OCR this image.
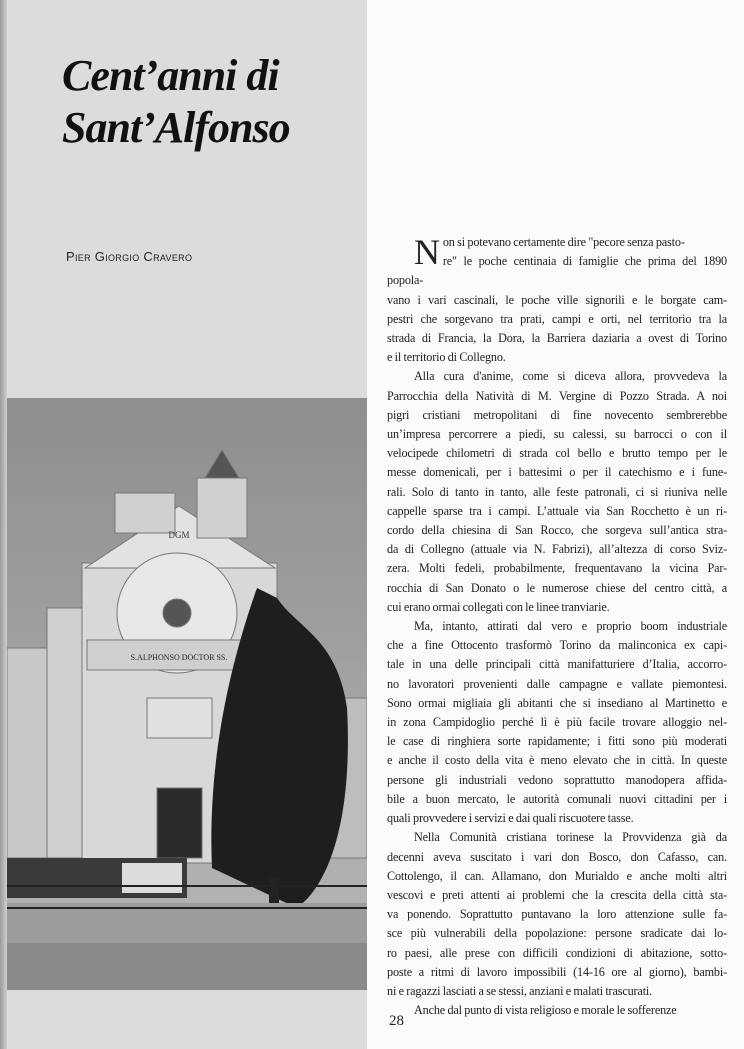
Cent’anni di
Sant’Alfonso
Pier Giorgio Cravero
DGM
S.ALPHONSO DOCTOR SS.
Non si potevano certamente dire "pecore senza pasto-
re" le poche centinaia di famiglie che prima del 1890 popola-
vano i vari cascinali, le poche ville signorili e le borgate cam-
pestri che sorgevano tra prati, campi e orti, nel territorio tra la
strada di Francia, la Dora, la Barriera daziaria a ovest di Torino
e il territorio di Collegno.
Alla cura d'anime, come si diceva allora, provvedeva la
Parrocchia della Natività di M. Vergine di Pozzo Strada. A noi
pigri cristiani metropolitani di fine novecento sembrerebbe
un’impresa percorrere a piedi, su calessi, su barrocci o con il
velocipede chilometri di strada col bello e brutto tempo per le
messe domenicali, per i battesimi o per il catechismo e i fune-
rali. Solo di tanto in tanto, alle feste patronali, ci si riuniva nelle
cappelle sparse tra i campi. L’attuale via San Rocchetto è un ri-
cordo della chiesina di San Rocco, che sorgeva sull’antica stra-
da di Collegno (attuale via N. Fabrizi), all’altezza di corso Sviz-
zera. Molti fedeli, probabilmente, frequentavano la vicina Par-
rocchia di San Donato o le numerose chiese del centro città, a
cui erano ormai collegati con le linee tranviarie.
Ma, intanto, attirati dal vero e proprio boom industriale
che a fine Ottocento trasformò Torino da malinconica ex capi-
tale in una delle principali città manifatturiere d’Italia, accorro-
no lavoratori provenienti dalle campagne e vallate piemontesi.
Sono ormai migliaia gli abitanti che si insediano al Martinetto e
in zona Campidoglio perché lì è più facile trovare alloggio nel-
le case di ringhiera sorte rapidamente; i fitti sono più moderati
e anche il costo della vita è meno elevato che in città. In queste
persone gli industriali vedono soprattutto manodopera affida-
bile a buon mercato, le autorità comunali nuovi cittadini per i
quali provvedere i servizi e dai quali riscuotere tasse.
Nella Comunità cristiana torinese la Provvidenza già da
decenni aveva suscitato i vari don Bosco, don Cafasso, can.
Cottolengo, il can. Allamano, don Murialdo e anche molti altri
vescovi e preti attenti ai problemi che la crescita della città sta-
va ponendo. Soprattutto puntavano la loro attenzione sulle fa-
sce più vulnerabili della popolazione: persone sradicate dai lo-
ro paesi, alle prese con difficili condizioni di abitazione, sotto-
poste a ritmi di lavoro impossibili (14-16 ore al giorno), bambi-
ni e ragazzi lasciati a se stessi, anziani e malati trascurati.
Anche dal punto di vista religioso e morale le sofferenze
28
